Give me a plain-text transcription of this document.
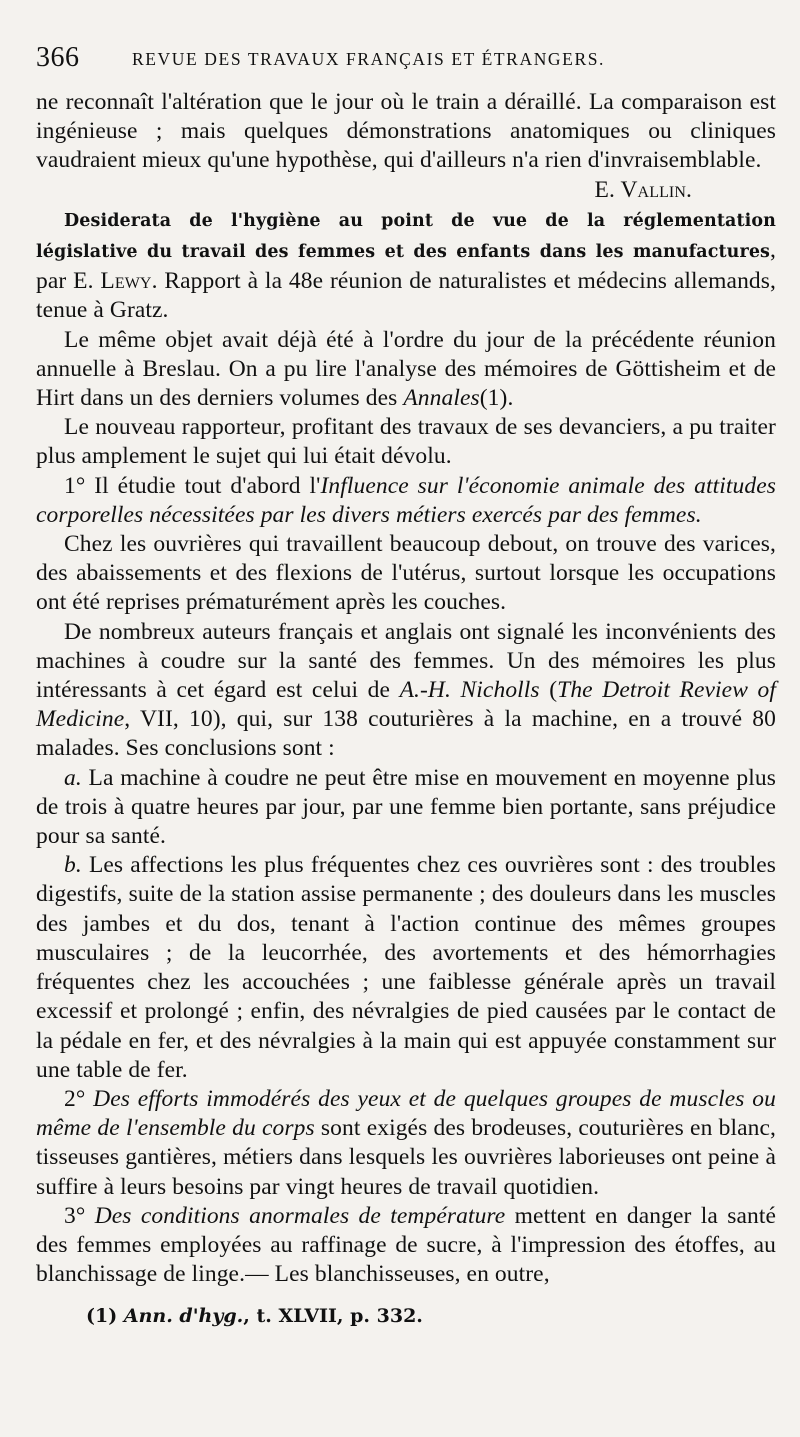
366	REVUE DES TRAVAUX FRANÇAIS ET ÉTRANGERS.

ne reconnaît l'altération que le jour où le train a déraillé. La comparaison est ingénieuse ; mais quelques démonstrations anatomiques ou cliniques vaudraient mieux qu'une hypothèse, qui d'ailleurs n'a rien d'invraisemblable.

E. Vallin.

Desiderata de l'hygiène au point de vue de la réglementation législative du travail des femmes et des enfants dans les manufactures, par E. Lewy. Rapport à la 48e réunion de naturalistes et médecins allemands, tenue à Gratz.

Le même objet avait déjà été à l'ordre du jour de la précédente réunion annuelle à Breslau. On a pu lire l'analyse des mémoires de Göttisheim et de Hirt dans un des derniers volumes des Annales(1).

Le nouveau rapporteur, profitant des travaux de ses devanciers, a pu traiter plus amplement le sujet qui lui était dévolu.

1° Il étudie tout d'abord l'Influence sur l'économie animale des attitudes corporelles nécessitées par les divers métiers exercés par des femmes.

Chez les ouvrières qui travaillent beaucoup debout, on trouve des varices, des abaissements et des flexions de l'utérus, surtout lorsque les occupations ont été reprises prématurément après les couches.

De nombreux auteurs français et anglais ont signalé les inconvénients des machines à coudre sur la santé des femmes. Un des mémoires les plus intéressants à cet égard est celui de A.-H. Nicholls (The Detroit Review of Medicine, VII, 10), qui, sur 138 couturières à la machine, en a trouvé 80 malades. Ses conclusions sont :

a. La machine à coudre ne peut être mise en mouvement en moyenne plus de trois à quatre heures par jour, par une femme bien portante, sans préjudice pour sa santé.

b. Les affections les plus fréquentes chez ces ouvrières sont : des troubles digestifs, suite de la station assise permanente ; des douleurs dans les muscles des jambes et du dos, tenant à l'action continue des mêmes groupes musculaires ; de la leucorrhée, des avortements et des hémorrhagies fréquentes chez les accouchées ; une faiblesse générale après un travail excessif et prolongé ; enfin, des névralgies de pied causées par le contact de la pédale en fer, et des névralgies à la main qui est appuyée constamment sur une table de fer.

2° Des efforts immodérés des yeux et de quelques groupes de muscles ou même de l'ensemble du corps sont exigés des brodeuses, couturières en blanc, tisseuses gantières, métiers dans lesquels les ouvrières laborieuses ont peine à suffire à leurs besoins par vingt heures de travail quotidien.

3° Des conditions anormales de température mettent en danger la santé des femmes employées au raffinage de sucre, à l'impression des étoffes, au blanchissage de linge.— Les blanchisseuses, en outre,

(1) Ann. d'hyg., t. XLVII, p. 332.
